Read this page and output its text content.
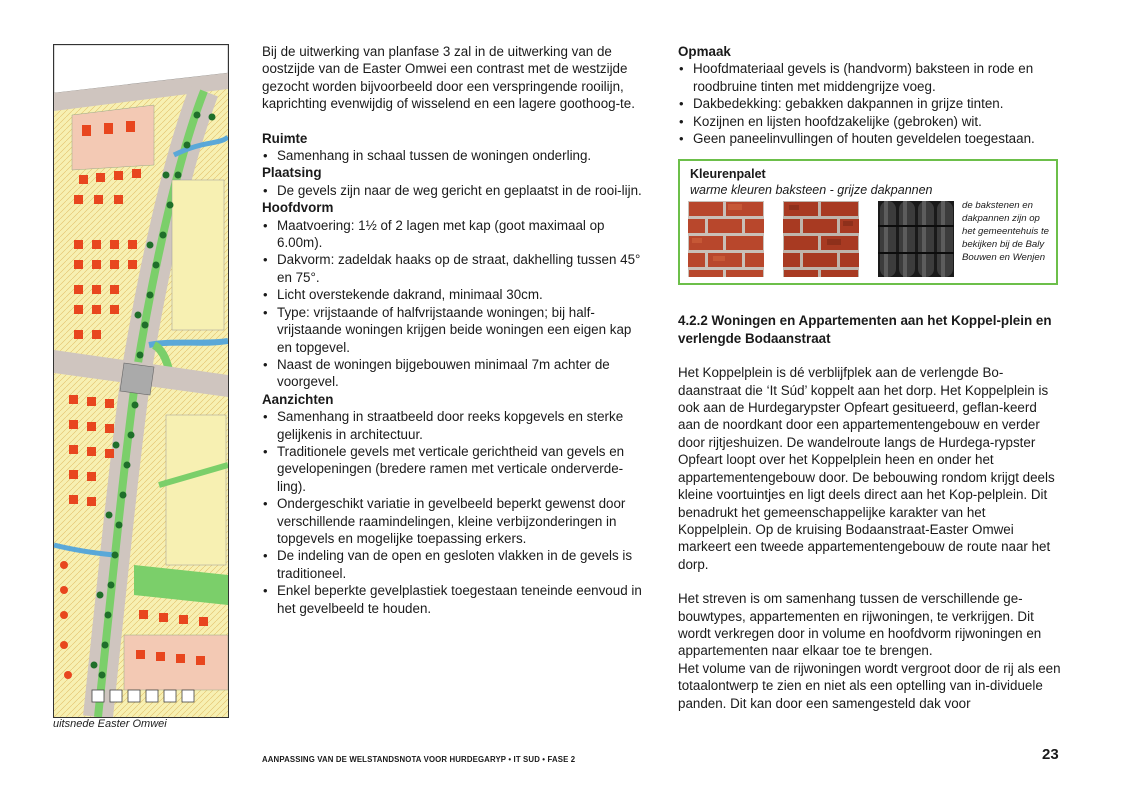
uitsnede Easter Omwei

Bij de uitwerking van planfase 3 zal in de uitwerking van de oostzijde van de Easter Omwei een contrast met de westzijde gezocht worden bijvoorbeeld door een verspringende rooilijn, kaprichting evenwijdig of wisselend en een lagere goothoog-te.

Ruimte
• Samenhang in schaal tussen de woningen onderling.
Plaatsing
• De gevels zijn naar de weg gericht en geplaatst in de rooi-lijn.
Hoofdvorm
• Maatvoering: 1½ of 2 lagen met kap (goot maximaal op 6.00m).
• Dakvorm: zadeldak haaks op de straat, dakhelling tussen 45° en 75°.
• Licht overstekende dakrand, minimaal 30cm.
• Type: vrijstaande of halfvrijstaande woningen; bij half-vrijstaande woningen krijgen beide woningen een eigen kap en topgevel.
• Naast de woningen bijgebouwen minimaal 7m achter de voorgevel.
Aanzichten
• Samenhang in straatbeeld door reeks kopgevels en sterke gelijkenis in architectuur.
• Traditionele gevels met verticale gerichtheid van gevels en gevelopeningen (bredere ramen met verticale onderverde-ling).
• Ondergeschikt variatie in gevelbeeld beperkt gewenst door verschillende raamindelingen, kleine verbijzonderingen in topgevels en mogelijke toepassing erkers.
• De indeling van de open en gesloten vlakken in de gevels is traditioneel.
• Enkel beperkte gevelplastiek toegestaan teneinde eenvoud in het gevelbeeld te houden.
Opmaak
• Hoofdmateriaal gevels is (handvorm) baksteen in rode en roodbruine tinten met middengrijze voeg.
• Dakbedekking: gebakken dakpannen in grijze tinten.
• Kozijnen en lijsten hoofdzakelijke (gebroken) wit.
• Geen paneelinvullingen of houten geveldelen toegestaan.
Kleurenpalet
warme kleuren baksteen - grijze dakpannen
de bakstenen en dakpannen zijn op het gemeentehuis te bekijken bij de Baly Bouwen en Wenjen
4.2.2 Woningen en Appartementen aan het Koppel-plein en verlengde Bodaanstraat

Het Koppelplein is dé verblijfplek aan de verlengde Bo-daanstraat die ‘It Súd’ koppelt aan het dorp. Het Koppelplein is ook aan de Hurdegarypster Opfeart gesitueerd, geflan-keerd aan de noordkant door een appartementengebouw en verder door rijtjeshuizen. De wandelroute langs de Hurdega-rypster Opfeart loopt over het Koppelplein heen en onder het appartementengebouw door. De bebouwing rondom krijgt deels kleine voortuintjes en ligt deels direct aan het Kop-pelplein. Dit benadrukt het gemeenschappelijke karakter van het Koppelplein. Op de kruising Bodaanstraat-Easter Omwei markeert een tweede appartementengebouw de route naar het dorp.

Het streven is om samenhang tussen de verschillende ge-bouwtypes, appartementen en rijwoningen, te verkrijgen. Dit wordt verkregen door in volume en hoofdvorm rijwoningen en appartementen naar elkaar toe te brengen.

Het volume van de rijwoningen wordt vergroot door de rij als een totaalontwerp te zien en niet als een optelling van in-dividuele panden. Dit kan door een samengesteld dak voor

AANPASSING VAN DE WELSTANDSNOTA VOOR HURDEGARYP • IT SUD • FASE 2	23
